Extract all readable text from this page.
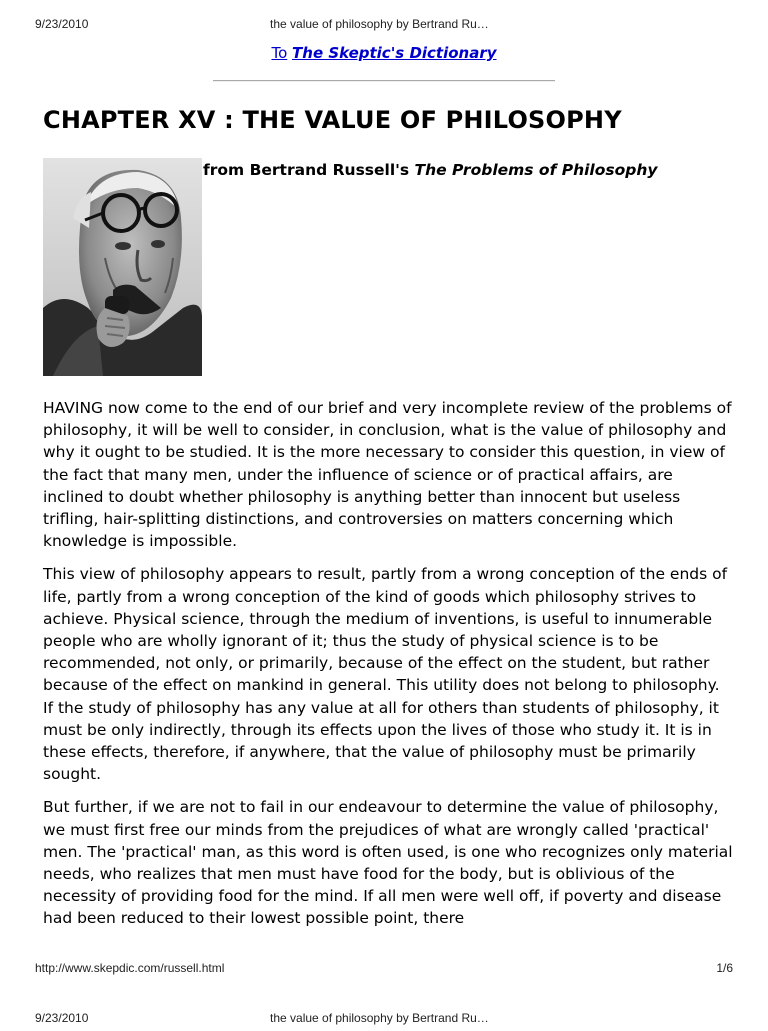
9/23/2010	the value of philosophy by Bertrand Ru…
To The Skeptic's Dictionary
CHAPTER XV : THE VALUE OF PHILOSOPHY
from Bertrand Russell's The Problems of Philosophy

HAVING now come to the end of our brief and very incomplete review of the problems of philosophy, it will be well to consider, in conclusion, what is the value of philosophy and why it ought to be studied. It is the more necessary to consider this question, in view of the fact that many men, under the influence of science or of practical affairs, are inclined to doubt whether philosophy is anything better than innocent but useless trifling, hair-splitting distinctions, and controversies on matters concerning which knowledge is impossible.

This view of philosophy appears to result, partly from a wrong conception of the ends of life, partly from a wrong conception of the kind of goods which philosophy strives to achieve. Physical science, through the medium of inventions, is useful to innumerable people who are wholly ignorant of it; thus the study of physical science is to be recommended, not only, or primarily, because of the effect on the student, but rather because of the effect on mankind in general. This utility does not belong to philosophy. If the study of philosophy has any value at all for others than students of philosophy, it must be only indirectly, through its effects upon the lives of those who study it. It is in these effects, therefore, if anywhere, that the value of philosophy must be primarily sought.

But further, if we are not to fail in our endeavour to determine the value of philosophy, we must first free our minds from the prejudices of what are wrongly called 'practical' men. The 'practical' man, as this word is often used, is one who recognizes only material needs, who realizes that men must have food for the body, but is oblivious of the necessity of providing food for the mind. If all men were well off, if poverty and disease had been reduced to their lowest possible point, there

http://www.skepdic.com/russell.html	1/6
9/23/2010	the value of philosophy by Bertrand Ru…
